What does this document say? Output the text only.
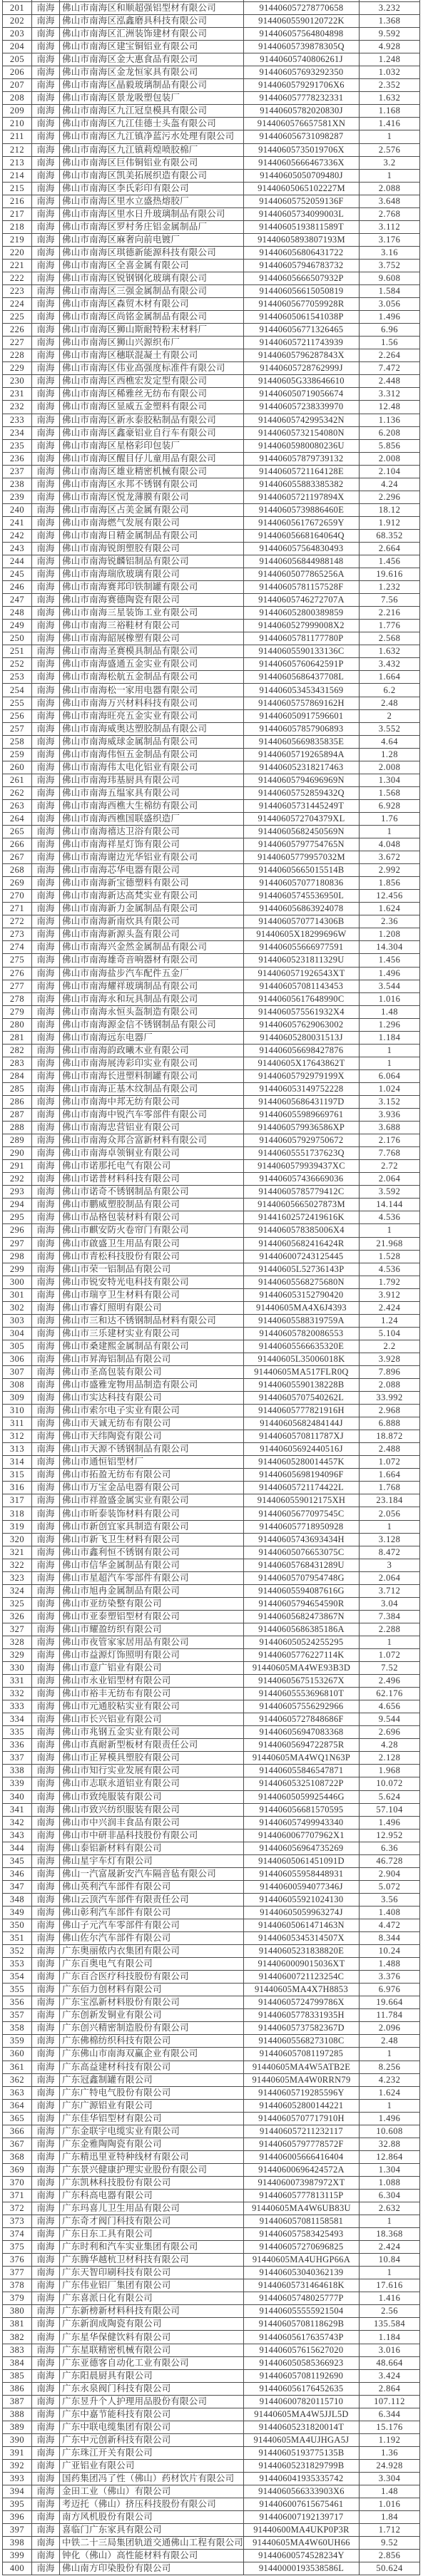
201	南海 佛山市南海区和顺超强铝型材有限公司	914406057278770658	3.232
202	南海 佛山市南海区泓鑫磨具科技有限公司	91440605590120722K	1.368
203	南海 佛山市南海区汇洲装饰建材有限公司	914406057564804898	9.592
204	南海 佛山市南海区建宝铜铝业有限公司	91440605739878305Q	4.928
205	南海 佛山市南海区金大惠食品有限公司	91440605740806261J	1.248
206	南海 佛山市南海区金龙恒家具有限公司	914406057693292350	1.032
207	南海 佛山市南海区晶毅玻璃制品有限公司	9144060579291706X6	2.352
208	南海 佛山市南海区景龙吸塑包装厂	914406057778232331	1.632
209	南海 佛山市南海区九江冠皇模具有限公司	91440605782020830J	1.168
210	南海 佛山市南海区九江佳德士头盔有限公司	9144060576657581XN	1.416
211	南海 佛山市南海区九江镇净蓝污水处理有限公司	914406056731098287	1
212	南海 佛山市南海区九江镇莉煌喷胶棉厂	91440605735019706X	2.576
213	南海 佛山市南海区巨伟铜铝业有限公司	91440605666467336X	3.2
214	南海 佛山市南海区凯美拓展织造有限公司	91440605050709480J	1
215	南海 佛山市南海区李氏彩印有限公司	91440605065102227M	2.088
216	南海 佛山市南海区里水立盛热熔胶厂	91440605752059136F	3.648
217	南海 佛山市南海区里水日升玻璃制品有限公司	91440605734099003L	2.768
218	南海 佛山市南海区罗村务庄铝金属制品厂	91440605193811589T	3.112
219	南海 佛山市南海区麻奢向前电镀厂	91440605893807193M	3.176
220	南海 佛山市南海区琪德新能源科技有限公司	914406056806431722	3.16
221	南海 佛山市南海区全喜金属有限公司	914406057946783732	3.752
222	南海 佛山市南海区锐钢钢化玻璃有限公司	91440605666507932P	9.608
223	南海 佛山市南海区三强金属制品有限公司	914406056615050819	1.584
224	南海 佛山市南海区森贸木材有限公司	91440605677059928R	3.056
225	南海 佛山市南海区尚铭金属制品有限公司	91440605061541038P	1.496
226	南海 佛山市南海区狮山斯耐特粉末材料厂	914406056771326465	6.96
227	南海 佛山市南海区狮山兴源织布厂	914406057211743939	1.56
228	南海 佛山市南海区穗联混凝土有限公司	91440605796287843X	2.264
229	南海 佛山市南海区伟业高强度标准件有限公司	91440605728762999J	7.472
230	南海 佛山市南海区西樵宏发定型有限公司	91440605G338646610	2.448
231	南海 佛山市南海区稀雅丝无纺布有限公司	914406050719056674	3.312
232	南海 佛山市南海区显威五金塑料有限公司	914406057238339970	12.48
233	南海 佛山市南海区新永泰胶粘制品有限公司	91440605742995342N	1.136
234	南海 佛山市南海区鑫豪铝业自行车有限公司	91440605732154080N	6.208
235	南海 佛山市南海区星格彩印包装厂	91440605980080236U	5.856
236	南海 佛山市南海区醒目仔儿童用品有限公司	914406057879739132	2.008
237	南海 佛山市南海区雄业精密机械有限公司	91440605721164128E	2.104
238	南海 佛山市南海区永邦不锈钢有限公司	914406055883385382	4.24
239	南海 佛山市南海区悦龙薄膜有限公司	91440605721197894X	2.296
240	南海 佛山市南海区占美金属有限公司	91440605739886460E	18.12
241	南海 佛山市南海燃气发展有限公司	91440605617672659Y	1.912
242	南海 佛山市南海日精金属制品有限公司	91440605668164064Q	68.352
243	南海 佛山市南海锐朗塑胶有限公司	914406057564830493	2.664
244	南海 佛山市南海锐麟铝制品有限公司	914406056844988148	1.456
245	南海 佛山市南海瑞欣玻璃有限公司	91440605077865256A	19.616
246	南海 佛山市南海赛邦印铁制罐有限公司	91440605781157528F	1.232
247	南海 佛山市南海赛德陶瓷有限公司	91440605746272707A	7.56
248	南海 佛山市南海三星装饰工业有限公司	914406052800389859	2.216
249	南海 佛山市南海三裕鞋材有限公司	9144060527999008X2	1.776
250	南海 佛山市南海韶展橡塑有限公司	91440605781177780P	2.568
251	南海 佛山市南海圣赛模具制品有限公司	91440605590133136C	1.632
252	南海 佛山市南海盛通五金实业有限公司	91440605760642591P	3.432
253	南海 佛山市南海松航五金制品有限公司	91440605686437708L	1.664
254	南海 佛山市南海松一家用电器有限公司	914406053453431569	6.2
255	南海 佛山市南海万兴材料科技有限公司	91440605757869162H	2.48
256	南海 佛山市南海旺亮五金实业有限公司	914406050917596601	2
257	南海 佛山市南海威奥达塑胶制品有限公司	914406057857906893	3.552
258	南海 佛山市南海威球金属制品有限公司	91440605669835835E	4.64
259	南海 佛山市南海伟恒五金制品有限公司	91440605719265894A	1.28
260	南海 佛山市南海伟太电化铝业有限公司	914406052318217463	2.008
261	南海 佛山市南海玮基厨具有限公司	91440605794696969N	1.304
262	南海 佛山市南海五缊家具有限公司	91440605752859432Q	1.568
263	南海 佛山市南海西樵大生棉纺有限公司	91440605731445249T	6.928
264	南海 佛山市南海西樵国联盛织造厂	9144060572704379XL	1.76
265	南海 佛山市南海禧达卫浴有限公司	91440605682450569N	1
266	南海 佛山市南海祥星灯饰有限公司	91440605797754765N	4.048
267	南海 佛山市南海谢边光华铝业有限公司	91440605779957032M	3.672
268	南海 佛山市南海芯华电器有限公司	91440605665015514B	2.992
269	南海 佛山市南海新宝德塑料有限公司	914406057077180836	1.856
270	南海 佛山市南海新达高梵实业有限公司	91440605745536950L	12.456
271	南海 佛山市南海新力金属制品有限公司	914406056863924078	1.624
272	南海 佛山市南海新南炊具有限公司	91440605707714306B	2.36
273	南海 佛山市南海新源头盔有限公司	91440605X18299696W	1.208
274	南海 佛山市南海兴金然金属制品有限公司	914406055666977591	14.304
275	南海 佛山市南海雄奇音响器材有限公司	91440605231811329U	1.456
276	南海 佛山市南海盐步汽车配件五金厂	9144060571926543XT	1.496
277	南海 佛山市南海耀祥玻璃制品有限公司	914406057081143453	3.544
278	南海 佛山市南海永和玩具制品有限公司	91440605617648990C	1.016
279	南海 佛山市南海永恒头盔制造有限公司	9144060575561932X4	1.48
280	南海 佛山市南海源金信不锈钢制品有限公司	914406057629063002	1.296
281	南海 佛山市南海远东电器厂	91440605280031513J	1.184
282	南海 佛山市南海韵政曦木业有限公司	914406056698427876	1
283	南海 佛山市南海展涛彩印实业有限公司	91440605X17643862T	1
284	南海 佛山市南海长进塑料制罐有限公司	91440605792979199X	6.064
285	南海 佛山市南海正基木纹制品有限公司	914406053149752228	1.024
286	南海 佛山市南海中邦无纺有限公司	91440605686431197D	3.152
287	南海 佛山市南海中锐汽车零部件有限公司	914406055989669761	3.936
288	南海 佛山市南海忠营铝业有限公司	9144060579936586XP	3.688
289	南海 佛山市南海众邦合富新材料有限公司	914406057929750672	2.176
290	南海 佛山市南海卓领铜业有限公司	91440605551737623Q	7.768
291	南海 佛山市诺那托电气有限公司	9144060579939437XC	2.72
292	南海 佛山市诺普材料科技有限公司	914406057436669036	2.064
293	南海 佛山市诺奇不锈钢制品有限公司	91440605785779412C	3.592
294	南海 佛山市鹏威塑胶制品有限公司	91440605665027873M	14.144
295	南海 佛山市品格包装材料有限公司	91441602572419616K	4.536
296	南海 佛山市麒安防火卷帘门有限公司	9144060578385006X4	1
297	南海 佛山市啟盛卫生用品有限公司	91440605682416424R	21.968
298	南海 佛山市青松科技股份有限公司	914406007243125445	1.528
299	南海 佛山市荣一铝制品有限公司	91440605L52736143P	4.536
300	南海 佛山市锐安特光电科技有限公司	91440605568275680N	1.792
301	南海 佛山市瑞亨卫生材料有限公司	914406053152790420	3.912
302	南海 佛山市睿灯照明有限公司	91440605MA4X6J4393	2.424
303	南海 佛山市三和达不锈钢制品材料有限公司	91440605588319759A	1.24
304	南海 佛山市三乐建材实业有限公司	914406057820086553	5.104
305	南海 佛山市桑建熙金属制品有限公司	91440605566635320E	2.2
306	南海 佛山市昇海铝制品有限公司	91440605L35006018K	3.928
307	南海 佛山市圣高包装有限公司	91440605MA517FLR0Q	7.896
308	南海 佛山市盛雅宠物用品制造有限公司	91440605590138228B	2.088
309	南海 佛山市实达科技有限公司	91440605707540262L	33.992
310	南海 佛山市索尔电子实业有限公司	91440605777821916H	2.968
311	南海 佛山市天诚无纺布有限公司	91440605682484144J	6.888
312	南海 佛山市天纬陶瓷有限公司	9144060570811787XJ	18.872
313	南海 佛山市天源不锈钢制品有限公司	91440605692440516J	2.488
314	南海 佛山市通恒铝型材厂	91440605280014457K	1.072
315	南海 佛山市拓盈无纺布有限公司	91440605698194096F	1.664
316	南海 佛山市万宝金品电器有限公司	91440605721174422L	1.768
317	南海 佛山市祥盈盛金属实业有限公司	9144060559012175XH	23.184
318	南海 佛山市昕泰装饰材料有限公司	91440605677097545C	2.056
319	南海 佛山市新创宜家具制造有限公司	914406057718950928	1
320	南海 佛山市新飞卫生材料有限公司	91440605743693434H	3.128
321	南海 佛山市鑫利恒不锈钢有限公司	91440605076653075C	8.472
322	南海 佛山市信华金属制品有限公司	91440605768431289U	3
323	南海 佛山市星超汽车零部件有限公司	91440605707954748G	2.064
324	南海 佛山市旭冉金属制品有限公司	91440605594087616G	3.712
325	南海 佛山市亚纺染整有限公司	91440605794654590R	3.04
326	南海 佛山市亚泰塑铝型材有限公司	91440605682473867N	7.384
327	南海 佛山市耀盈纺织有限公司	91440605686385186A	2.288
328	南海 佛山市夜管家家居用品有限公司	914406050524255295	1
329	南海 佛山市益源灯饰照明有限公司	91440605776227114K	1.072
330	南海 佛山市意广铝业有限公司	91440605MA4WE93B3D	7.52
331	南海 佛山市永业铝型材有限公司	91440605675153267X	2.496
332	南海 佛山市裕丰无纺布有限公司	91440605553696810T	62.176
333	南海 佛山市元通胶粘实业有限公司	914406057556292966	4.656
334	南海 佛山市长兴铝业有限公司	91440605727848686F	9.544
335	南海 佛山市兆钢五金实业有限公司	914406056947083368	2.696
336	南海 佛山市真耐新型板材有限责任公司	91440605694722875R	4.28
337	南海 佛山市正昇模具塑胶有限公司	91440605MA4WQ1N63P	2.128
338	南海 佛山市知行实业发展有限公司	914406055846547871	1.968
339	南海 佛山市志联永道铝业有限公司	91440605325108722P	10.072
340	南海 佛山市致纯服装有限公司	91440605059925446G	5.624
341	南海 佛山市致兴纺织服装有限公司	914406056681570595	57.104
342	南海 佛山市中兴润丰食品有限公司	914406057499943340	1.496
343	南海 佛山市中研非晶科技股份有限公司	9144060067707962X1	12.952
344	南海 佛山泰铝新材料有限公司	914406056964735269	6.36
345	南海 佛山星宇车灯有限公司	91440605061451091D	46.728
346	南海 佛山一汽富晟新安汽车隔音毡有限公司	914406055958448931	2.904
347	南海 佛山英利汽车部件有限公司	91440600594077346J	5.072
348	南海 佛山云顶汽车部件有限责任公司	914406055921024130	3.56
349	南海 佛山彰利汽车部件有限公司	91440605059963274J	1.408
350	南海 佛山子元汽车零部件有限公司	91440605061471463N	4.472
351	南海 佛山佐尔汽车部件有限公司	91440605345314507X	8.344
352	南海 广东奥丽侬内衣集团有限公司	91440605231838820E	10.24
353	南海 广东百奥电气有限公司	9144060009015036XT	1.488
354	南海 广东百合医疗科技股份有限公司	91440600721123254C	3.376
355	南海 广东佰力创材料有限公司	91440605MA4X7H8853	6.976
356	南海 广东宝泓新材料股份有限公司	91440605724799786X	19.664
357	南海 广东创新发铜业有限公司	91440605778331935H	11.784
358	南海 广东创兴精密制造股份有限公司	91440605737582367D	2.096
359	南海 广东佛棉纺织科技有限公司	91440605568273108C	2.48
360	南海 广东佛山市南海双赢企业有限公司	914406057081197285	1
361	南海 广东高益建材科技有限公司	91440605MA4W5ATB2E	8.256
362	南海 广东冠鑫制罐有限公司	91440605MA4W0RRN79	4.232
363	南海 广东广特电气股份有限公司	91440605719285596Y	1.624
364	南海 广东广源铝业有限公司	914406052800144221	1
365	南海 广东佳华铝型材有限公司	91440605707717910H	1.496
366	南海 广东金联宇电缆实业有限公司	914406057211232117	10.608
367	南海 广东金雅陶陶瓷有限公司	91440605797778572F	32.88
368	南海 广东精迅里亚特种线材有限公司	914406005666416404	12.864
369	南海 广东景兴健康护理实业股份有限公司	91440600696424572A	1.304
370	南海 广东凯林科技股份有限公司	9144060073987972XT	1.088
371	南海 广东科高电器有限公司	91440605777813115P	6.304
372	南海 广东玛喜儿卫生用品有限公司	91440605MA4W6UB83U	2.632
373	南海 广东奇才阀门科技有限公司	914406057081158581	1
374	南海 广东日东工具有限公司	914406057583425493	18.368
375	南海 广东时利和汽车实业集团有限公司	914406057270696825	2.424
376	南海 广东腾华越杭卫材科技有限公司	91440605MA4UHGP66A	10.84
377	南海 广东天智印刷科技有限公司	914406053040362139	1
378	南海 广东伟业铝厂集团有限公司	91440605731464618K	17.616
379	南海 广东喜派日化有限公司	91440605748025777P	1.416
380	南海 广东新榜新材料科技有限公司	914406055555921504	2.56
381	南海 广东新润成陶瓷有限公司	91440605708118629B	135.584
382	南海 广东星华保健饮料有限公司	91440605617635743P	1.184
383	南海 广东星联精密机械有限公司	914406057615627020	3.016
384	南海 广东亚德客自动化工业有限公司	914406050585366923	48.664
385	南海 广东阳晨厨具有限公司	914406057081192690	3.424
386	南海 广东永泉阀门科技有限公司	914406056176452635	2.864
387	南海 广东昱升个人护理用品股份有限公司	914406007820115710	107.112
388	南海 广东中嘉节能科技有限公司	91440605MA4W5JJL5D	6.344
389	南海 广东中联电缆集团有限公司	91440605231820014T	15.176
390	南海 广东中元创新科技有限公司	91440605MA4UJHGA5J	1.192
391	南海 广东珠江开关有限公司	91440605193775135B	1.36
392	南海 广亚铝业有限公司	91440605231829799B	24.928
393	南海 国药集团冯了性（佛山）药材饮片有限公司	914406041935335742	3.304
394	南海 金田工业（佛山）有限公司	9144060566333903X6	1.48
395	南海 考迈托（佛山）挤压科技股份有限公司	914406007615675461	1.016
396	南海 南方风机股份有限公司	914406007192139717	1.84
397	南海 喜临门广东家具有限公司	91440600MA4UKP0P3R	1.712
398	南海 中铁二十三局集团轨道交通佛山工程有限公司	91440605MA4W60UH66	9.52
399	南海 钟化（佛山）高性能材料有限公司	91440600574528234Y	2.856
400	南海 佛山南方印染股份有限公司	91440000193538586L	50.624
